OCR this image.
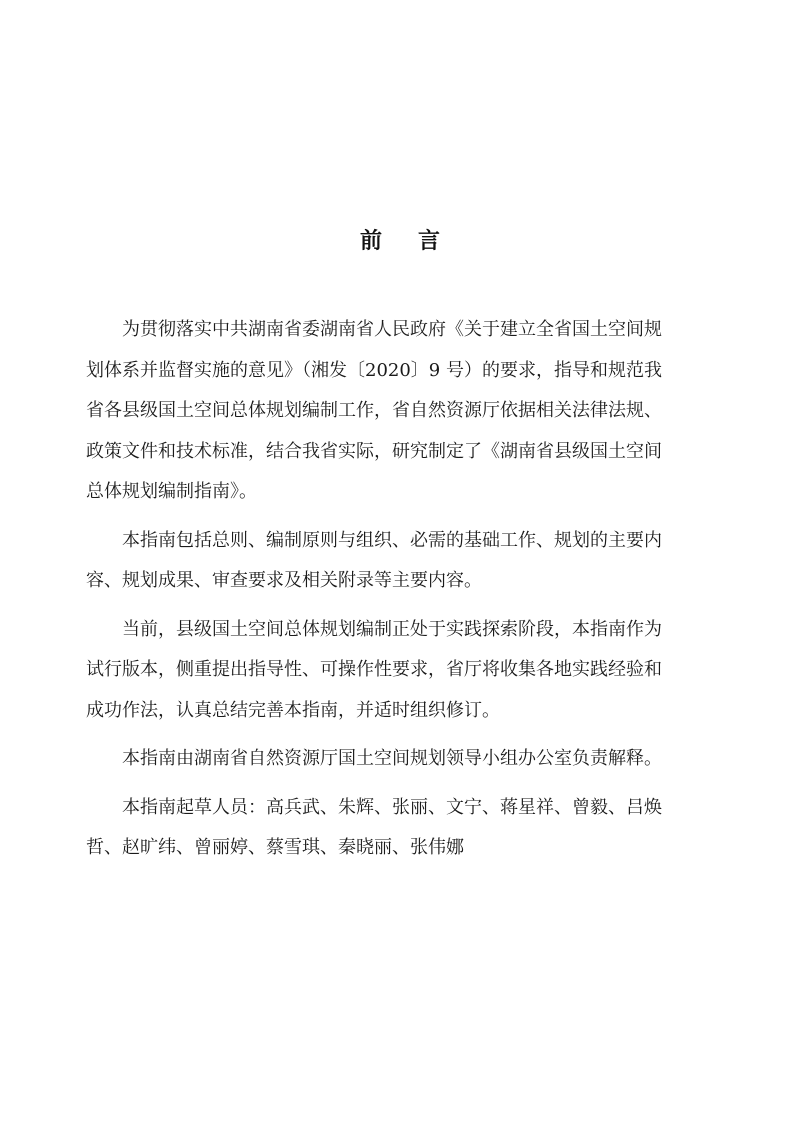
前言

为贯彻落实中共湖南省委湖南省人民政府《关于建立全省国土空间规
划体系并监督实施的意见》（湘发〔2020〕9 号）的要求，指导和规范我
省各县级国土空间总体规划编制工作，省自然资源厅依据相关法律法规、
政策文件和技术标准，结合我省实际，研究制定了《湖南省县级国土空间
总体规划编制指南》。

本指南包括总则、编制原则与组织、必需的基础工作、规划的主要内
容、规划成果、审查要求及相关附录等主要内容。

当前，县级国土空间总体规划编制正处于实践探索阶段，本指南作为
试行版本，侧重提出指导性、可操作性要求，省厅将收集各地实践经验和
成功作法，认真总结完善本指南，并适时组织修订。

本指南由湖南省自然资源厅国土空间规划领导小组办公室负责解释。

本指南起草人员：高兵武、朱辉、张丽、文宁、蒋星祥、曾毅、吕焕
哲、赵旷纬、曾丽婷、蔡雪琪、秦晓丽、张伟娜
